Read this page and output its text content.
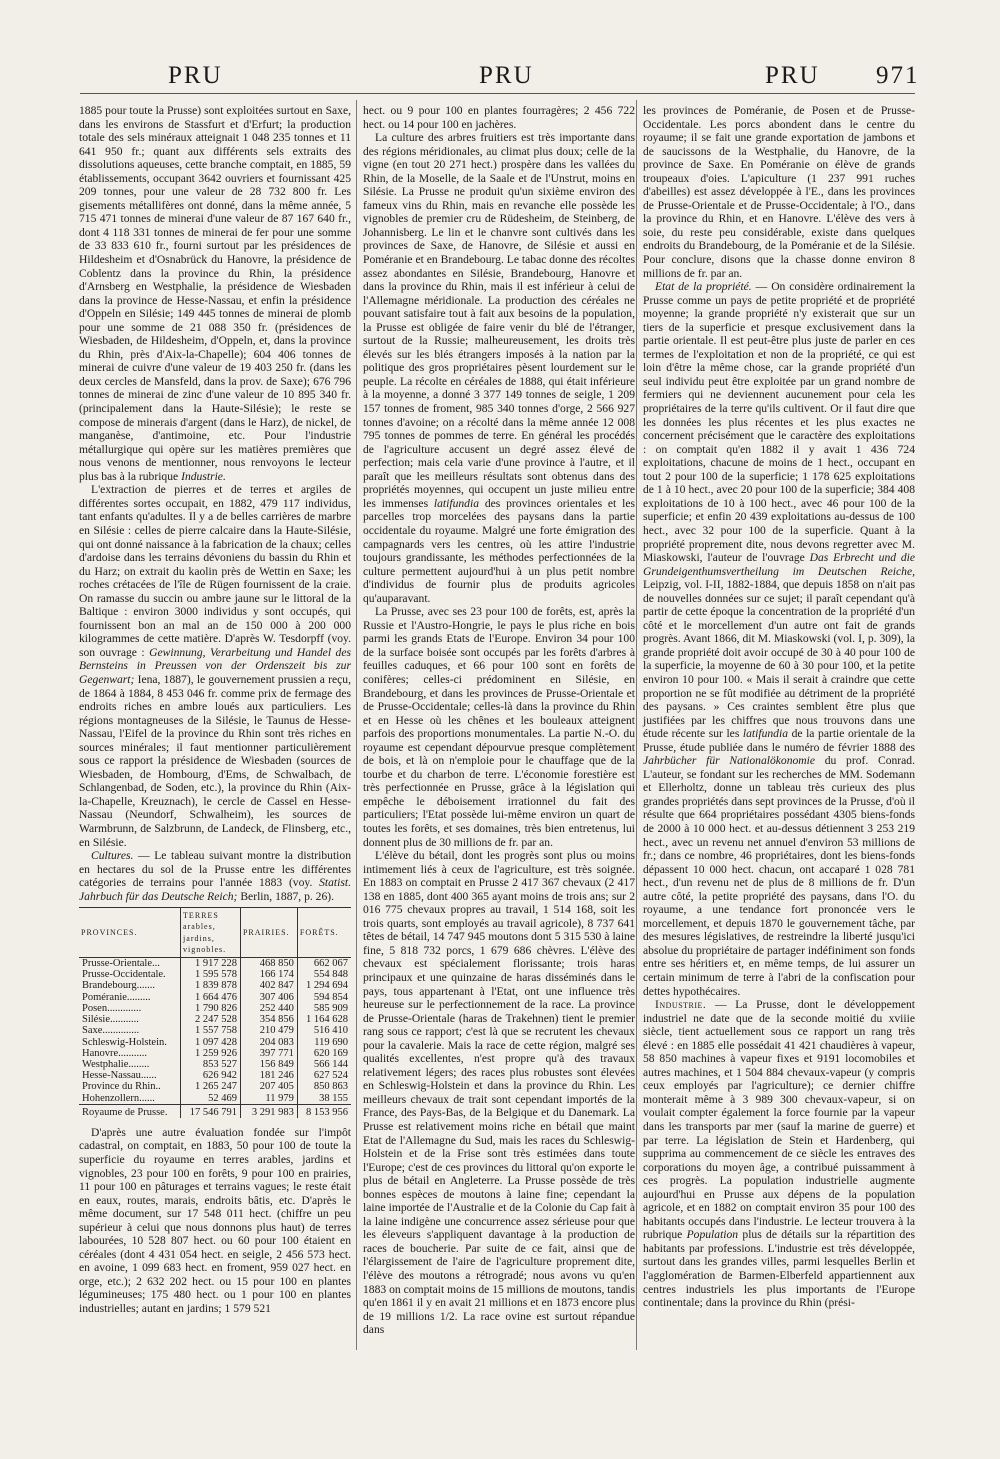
PRU	PRU	PRU 971

1885 pour toute la Prusse) sont exploitées surtout en Saxe, dans les environs de Stassfurt et d'Erfurt; la production totale des sels minéraux atteignait 1 048 235 tonnes et 11 641 950 fr.; quant aux différents sels extraits des dissolutions aqueuses, cette branche comptait, en 1885, 59 établissements, occupant 3642 ouvriers et fournissant 425 209 tonnes, pour une valeur de 28 732 800 fr. Les gisements métallifères ont donné, dans la même année, 5 715 471 tonnes de minerai d'une valeur de 87 167 640 fr., dont 4 118 331 tonnes de minerai de fer pour une somme de 33 833 610 fr., fourni surtout par les présidences de Hildesheim et d'Osnabrück du Hanovre, la présidence de Coblentz dans la province du Rhin, la présidence d'Arnsberg en Westphalie, la présidence de Wiesbaden dans la province de Hesse-Nassau, et enfin la présidence d'Oppeln en Silésie; 149 445 tonnes de minerai de plomb pour une somme de 21 088 350 fr. (présidences de Wiesbaden, de Hildesheim, d'Oppeln, et, dans la province du Rhin, près d'Aix-la-Chapelle); 604 406 tonnes de minerai de cuivre d'une valeur de 19 403 250 fr. (dans les deux cercles de Mansfeld, dans la prov. de Saxe); 676 796 tonnes de minerai de zinc d'une valeur de 10 895 340 fr. (principalement dans la Haute-Silésie); le reste se compose de minerais d'argent (dans le Harz), de nickel, de manganèse, d'antimoine, etc. Pour l'industrie métallurgique qui opère sur les matières premières que nous venons de mentionner, nous renvoyons le lecteur plus bas à la rubrique Industrie.

L'extraction de pierres et de terres et argiles de différentes sortes occupait, en 1882, 479 117 individus, tant enfants qu'adultes. Il y a de belles carrières de marbre en Silésie : celles de pierre calcaire dans la Haute-Silésie, qui ont donné naissance à la fabrication de la chaux; celles d'ardoise dans les terrains dévoniens du bassin du Rhin et du Harz; on extrait du kaolin près de Wettin en Saxe; les roches crétacées de l'île de Rügen fournissent de la craie. On ramasse du succin ou ambre jaune sur le littoral de la Baltique : environ 3000 individus y sont occupés, qui fournissent bon an mal an de 150 000 à 200 000 kilogrammes de cette matière. D'après W. Tesdorpff (voy. son ouvrage : Gewinnung, Verarbeitung und Handel des Bernsteins in Preussen von der Ordenszeit bis zur Gegenwart; Iena, 1887), le gouvernement prussien a reçu, de 1864 à 1884, 8 453 046 fr. comme prix de fermage des endroits riches en ambre loués aux particuliers. Les régions montagneuses de la Silésie, le Taunus de Hesse-Nassau, l'Eifel de la province du Rhin sont très riches en sources minérales; il faut mentionner particulièrement sous ce rapport la présidence de Wiesbaden (sources de Wiesbaden, de Hombourg, d'Ems, de Schwalbach, de Schlangenbad, de Soden, etc.), la province du Rhin (Aix-la-Chapelle, Kreuznach), le cercle de Cassel en Hesse-Nassau (Neundorf, Schwalheim), les sources de Warmbrunn, de Salzbrunn, de Landeck, de Flinsberg, etc., en Silésie.

Cultures. — Le tableau suivant montre la distribution en hectares du sol de la Prusse entre les différentes catégories de terrains pour l'année 1883 (voy. Statist. Jahrbuch für das Deutsche Reich; Berlin, 1887, p. 26).

PROVINCES.	TERRES
arables,
jardins,
vignobles.	PRAIRIES.	FORÊTS.
Prusse-Orientale...	1 917 228	468 850	662 067
Prusse-Occidentale.	1 595 578	166 174	554 848
Brandebourg.......	1 839 878	402 847	1 294 694
Poméranie.........	1 664 476	307 406	594 854
Posen.............	1 790 826	252 440	585 909
Silésie...........	2 247 528	354 856	1 164 628
Saxe..............	1 557 758	210 479	516 410
Schleswig-Holstein.	1 097 428	204 083	119 690
Hanovre...........	1 259 926	397 771	620 169
Westphalie........	853 527	156 849	566 144
Hesse-Nassau......	626 942	181 246	627 524
Province du Rhin..	1 265 247	207 405	850 863
Hohenzollern......	52 469	11 979	38 155
Royaume de Prusse.	17 546 791	3 291 983	8 153 956

D'après une autre évaluation fondée sur l'impôt cadastral, on comptait, en 1883, 50 pour 100 de toute la superficie du royaume en terres arables, jardins et vignobles, 23 pour 100 en forêts, 9 pour 100 en prairies, 11 pour 100 en pâturages et terrains vagues; le reste était en eaux, routes, marais, endroits bâtis, etc. D'après le même document, sur 17 548 011 hect. (chiffre un peu supérieur à celui que nous donnons plus haut) de terres labourées, 10 528 807 hect. ou 60 pour 100 étaient en céréales (dont 4 431 054 hect. en seigle, 2 456 573 hect. en avoine, 1 099 683 hect. en froment, 959 027 hect. en orge, etc.); 2 632 202 hect. ou 15 pour 100 en plantes légumineuses; 175 480 hect. ou 1 pour 100 en plantes industrielles; autant en jardins; 1 579 521

hect. ou 9 pour 100 en plantes fourragères; 2 456 722 hect. ou 14 pour 100 en jachères.

La culture des arbres fruitiers est très importante dans des régions méridionales, au climat plus doux; celle de la vigne (en tout 20 271 hect.) prospère dans les vallées du Rhin, de la Moselle, de la Saale et de l'Unstrut, moins en Silésie. La Prusse ne produit qu'un sixième environ des fameux vins du Rhin, mais en revanche elle possède les vignobles de premier cru de Rüdesheim, de Steinberg, de Johannisberg. Le lin et le chanvre sont cultivés dans les provinces de Saxe, de Hanovre, de Silésie et aussi en Poméranie et en Brandebourg. Le tabac donne des récoltes assez abondantes en Silésie, Brandebourg, Hanovre et dans la province du Rhin, mais il est inférieur à celui de l'Allemagne méridionale. La production des céréales ne pouvant satisfaire tout à fait aux besoins de la population, la Prusse est obligée de faire venir du blé de l'étranger, surtout de la Russie; malheureusement, les droits très élevés sur les blés étrangers imposés à la nation par la politique des gros propriétaires pèsent lourdement sur le peuple. La récolte en céréales de 1888, qui était inférieure à la moyenne, a donné 3 377 149 tonnes de seigle, 1 209 157 tonnes de froment, 985 340 tonnes d'orge, 2 566 927 tonnes d'avoine; on a récolté dans la même année 12 008 795 tonnes de pommes de terre. En général les procédés de l'agriculture accusent un degré assez élevé de perfection; mais cela varie d'une province à l'autre, et il paraît que les meilleurs résultats sont obtenus dans des propriétés moyennes, qui occupent un juste milieu entre les immenses latifundia des provinces orientales et les parcelles trop morcelées des paysans dans la partie occidentale du royaume. Malgré une forte émigration des campagnards vers les centres, où les attire l'industrie toujours grandissante, les méthodes perfectionnées de la culture permettent aujourd'hui à un plus petit nombre d'individus de fournir plus de produits agricoles qu'auparavant.

La Prusse, avec ses 23 pour 100 de forêts, est, après la Russie et l'Austro-Hongrie, le pays le plus riche en bois parmi les grands Etats de l'Europe. Environ 34 pour 100 de la surface boisée sont occupés par les forêts d'arbres à feuilles caduques, et 66 pour 100 sont en forêts de conifères; celles-ci prédominent en Silésie, en Brandebourg, et dans les provinces de Prusse-Orientale et de Prusse-Occidentale; celles-là dans la province du Rhin et en Hesse où les chênes et les bouleaux atteignent parfois des proportions monumentales. La partie N.-O. du royaume est cependant dépourvue presque complètement de bois, et là on n'emploie pour le chauffage que de la tourbe et du charbon de terre. L'économie forestière est très perfectionnée en Prusse, grâce à la législation qui empêche le déboisement irrationnel du fait des particuliers; l'Etat possède lui-même environ un quart de toutes les forêts, et ses domaines, très bien entretenus, lui donnent plus de 30 millions de fr. par an.

L'élève du bétail, dont les progrès sont plus ou moins intimement liés à ceux de l'agriculture, est très soignée. En 1883 on comptait en Prusse 2 417 367 chevaux (2 417 138 en 1885, dont 400 365 ayant moins de trois ans; sur 2 016 775 chevaux propres au travail, 1 514 168, soit les trois quarts, sont employés au travail agricole), 8 737 641 têtes de bétail, 14 747 945 moutons dont 5 315 530 à laine fine, 5 818 732 porcs, 1 679 686 chèvres. L'élève des chevaux est spécialement florissante; trois haras principaux et une quinzaine de haras disséminés dans le pays, tous appartenant à l'Etat, ont une influence très heureuse sur le perfectionnement de la race. La province de Prusse-Orientale (haras de Trakehnen) tient le premier rang sous ce rapport; c'est là que se recrutent les chevaux pour la cavalerie. Mais la race de cette région, malgré ses qualités excellentes, n'est propre qu'à des travaux relativement légers; des races plus robustes sont élevées en Schleswig-Holstein et dans la province du Rhin. Les meilleurs chevaux de trait sont cependant importés de la France, des Pays-Bas, de la Belgique et du Danemark. La Prusse est relativement moins riche en bétail que maint Etat de l'Allemagne du Sud, mais les races du Schleswig-Holstein et de la Frise sont très estimées dans toute l'Europe; c'est de ces provinces du littoral qu'on exporte le plus de bétail en Angleterre. La Prusse possède de très bonnes espèces de moutons à laine fine; cependant la laine importée de l'Australie et de la Colonie du Cap fait à la laine indigène une concurrence assez sérieuse pour que les éleveurs s'appliquent davantage à la production de races de boucherie. Par suite de ce fait, ainsi que de l'élargissement de l'aire de l'agriculture proprement dite, l'élève des moutons a rétrogradé; nous avons vu qu'en 1883 on comptait moins de 15 millions de moutons, tandis qu'en 1861 il y en avait 21 millions et en 1873 encore plus de 19 millions 1/2. La race ovine est surtout répandue dans

les provinces de Poméranie, de Posen et de Prusse-Occidentale. Les porcs abondent dans le centre du royaume; il se fait une grande exportation de jambons et de saucissons de la Westphalie, du Hanovre, de la province de Saxe. En Poméranie on élève de grands troupeaux d'oies. L'apiculture (1 237 991 ruches d'abeilles) est assez développée à l'E., dans les provinces de Prusse-Orientale et de Prusse-Occidentale; à l'O., dans la province du Rhin, et en Hanovre. L'élève des vers à soie, du reste peu considérable, existe dans quelques endroits du Brandebourg, de la Poméranie et de la Silésie. Pour conclure, disons que la chasse donne environ 8 millions de fr. par an.

Etat de la propriété. — On considère ordinairement la Prusse comme un pays de petite propriété et de propriété moyenne; la grande propriété n'y existerait que sur un tiers de la superficie et presque exclusivement dans la partie orientale. Il est peut-être plus juste de parler en ces termes de l'exploitation et non de la propriété, ce qui est loin d'être la même chose, car la grande propriété d'un seul individu peut être exploitée par un grand nombre de fermiers qui ne deviennent aucunement pour cela les propriétaires de la terre qu'ils cultivent. Or il faut dire que les données les plus récentes et les plus exactes ne concernent précisément que le caractère des exploitations : on comptait qu'en 1882 il y avait 1 436 724 exploitations, chacune de moins de 1 hect., occupant en tout 2 pour 100 de la superficie; 1 178 625 exploitations de 1 à 10 hect., avec 20 pour 100 de la superficie; 384 408 exploitations de 10 à 100 hect., avec 46 pour 100 de la superficie; et enfin 20 439 exploitations au-dessus de 100 hect., avec 32 pour 100 de la superficie. Quant à la propriété proprement dite, nous devons regretter avec M. Miaskowski, l'auteur de l'ouvrage Das Erbrecht und die Grundeigenthumsvertheilung im Deutschen Reiche, Leipzig, vol. I-II, 1882-1884, que depuis 1858 on n'ait pas de nouvelles données sur ce sujet; il paraît cependant qu'à partir de cette époque la concentration de la propriété d'un côté et le morcellement d'un autre ont fait de grands progrès. Avant 1866, dit M. Miaskowski (vol. I, p. 309), la grande propriété doit avoir occupé de 30 à 40 pour 100 de la superficie, la moyenne de 60 à 30 pour 100, et la petite environ 10 pour 100. « Mais il serait à craindre que cette proportion ne se fût modifiée au détriment de la propriété des paysans. » Ces craintes semblent être plus que justifiées par les chiffres que nous trouvons dans une étude récente sur les latifundia de la partie orientale de la Prusse, étude publiée dans le numéro de février 1888 des Jahrbücher für Nationalökonomie du prof. Conrad. L'auteur, se fondant sur les recherches de MM. Sodemann et Ellerholtz, donne un tableau très curieux des plus grandes propriétés dans sept provinces de la Prusse, d'où il résulte que 664 propriétaires possédant 4305 biens-fonds de 2000 à 10 000 hect. et au-dessus détiennent 3 253 219 hect., avec un revenu net annuel d'environ 53 millions de fr.; dans ce nombre, 46 propriétaires, dont les biens-fonds dépassent 10 000 hect. chacun, ont accaparé 1 028 781 hect., d'un revenu net de plus de 8 millions de fr. D'un autre côté, la petite propriété des paysans, dans l'O. du royaume, a une tendance fort prononcée vers le morcellement, et depuis 1870 le gouvernement tâche, par des mesures législatives, de restreindre la liberté jusqu'ici absolue du propriétaire de partager indéfiniment son fonds entre ses héritiers et, en même temps, de lui assurer un certain minimum de terre à l'abri de la confiscation pour dettes hypothécaires.

Industrie. — La Prusse, dont le développement industriel ne date que de la seconde moitié du xviiie siècle, tient actuellement sous ce rapport un rang très élevé : en 1885 elle possédait 41 421 chaudières à vapeur, 58 850 machines à vapeur fixes et 9191 locomobiles et autres machines, et 1 504 884 chevaux-vapeur (y compris ceux employés par l'agriculture); ce dernier chiffre monterait même à 3 989 300 chevaux-vapeur, si on voulait compter également la force fournie par la vapeur dans les transports par mer (sauf la marine de guerre) et par terre. La législation de Stein et Hardenberg, qui supprima au commencement de ce siècle les entraves des corporations du moyen âge, a contribué puissamment à ces progrès. La population industrielle augmente aujourd'hui en Prusse aux dépens de la population agricole, et en 1882 on comptait environ 35 pour 100 des habitants occupés dans l'industrie. Le lecteur trouvera à la rubrique Population plus de détails sur la répartition des habitants par professions. L'industrie est très développée, surtout dans les grandes villes, parmi lesquelles Berlin et l'agglomération de Barmen-Elberfeld appartiennent aux centres industriels les plus importants de l'Europe continentale; dans la province du Rhin (prési-
